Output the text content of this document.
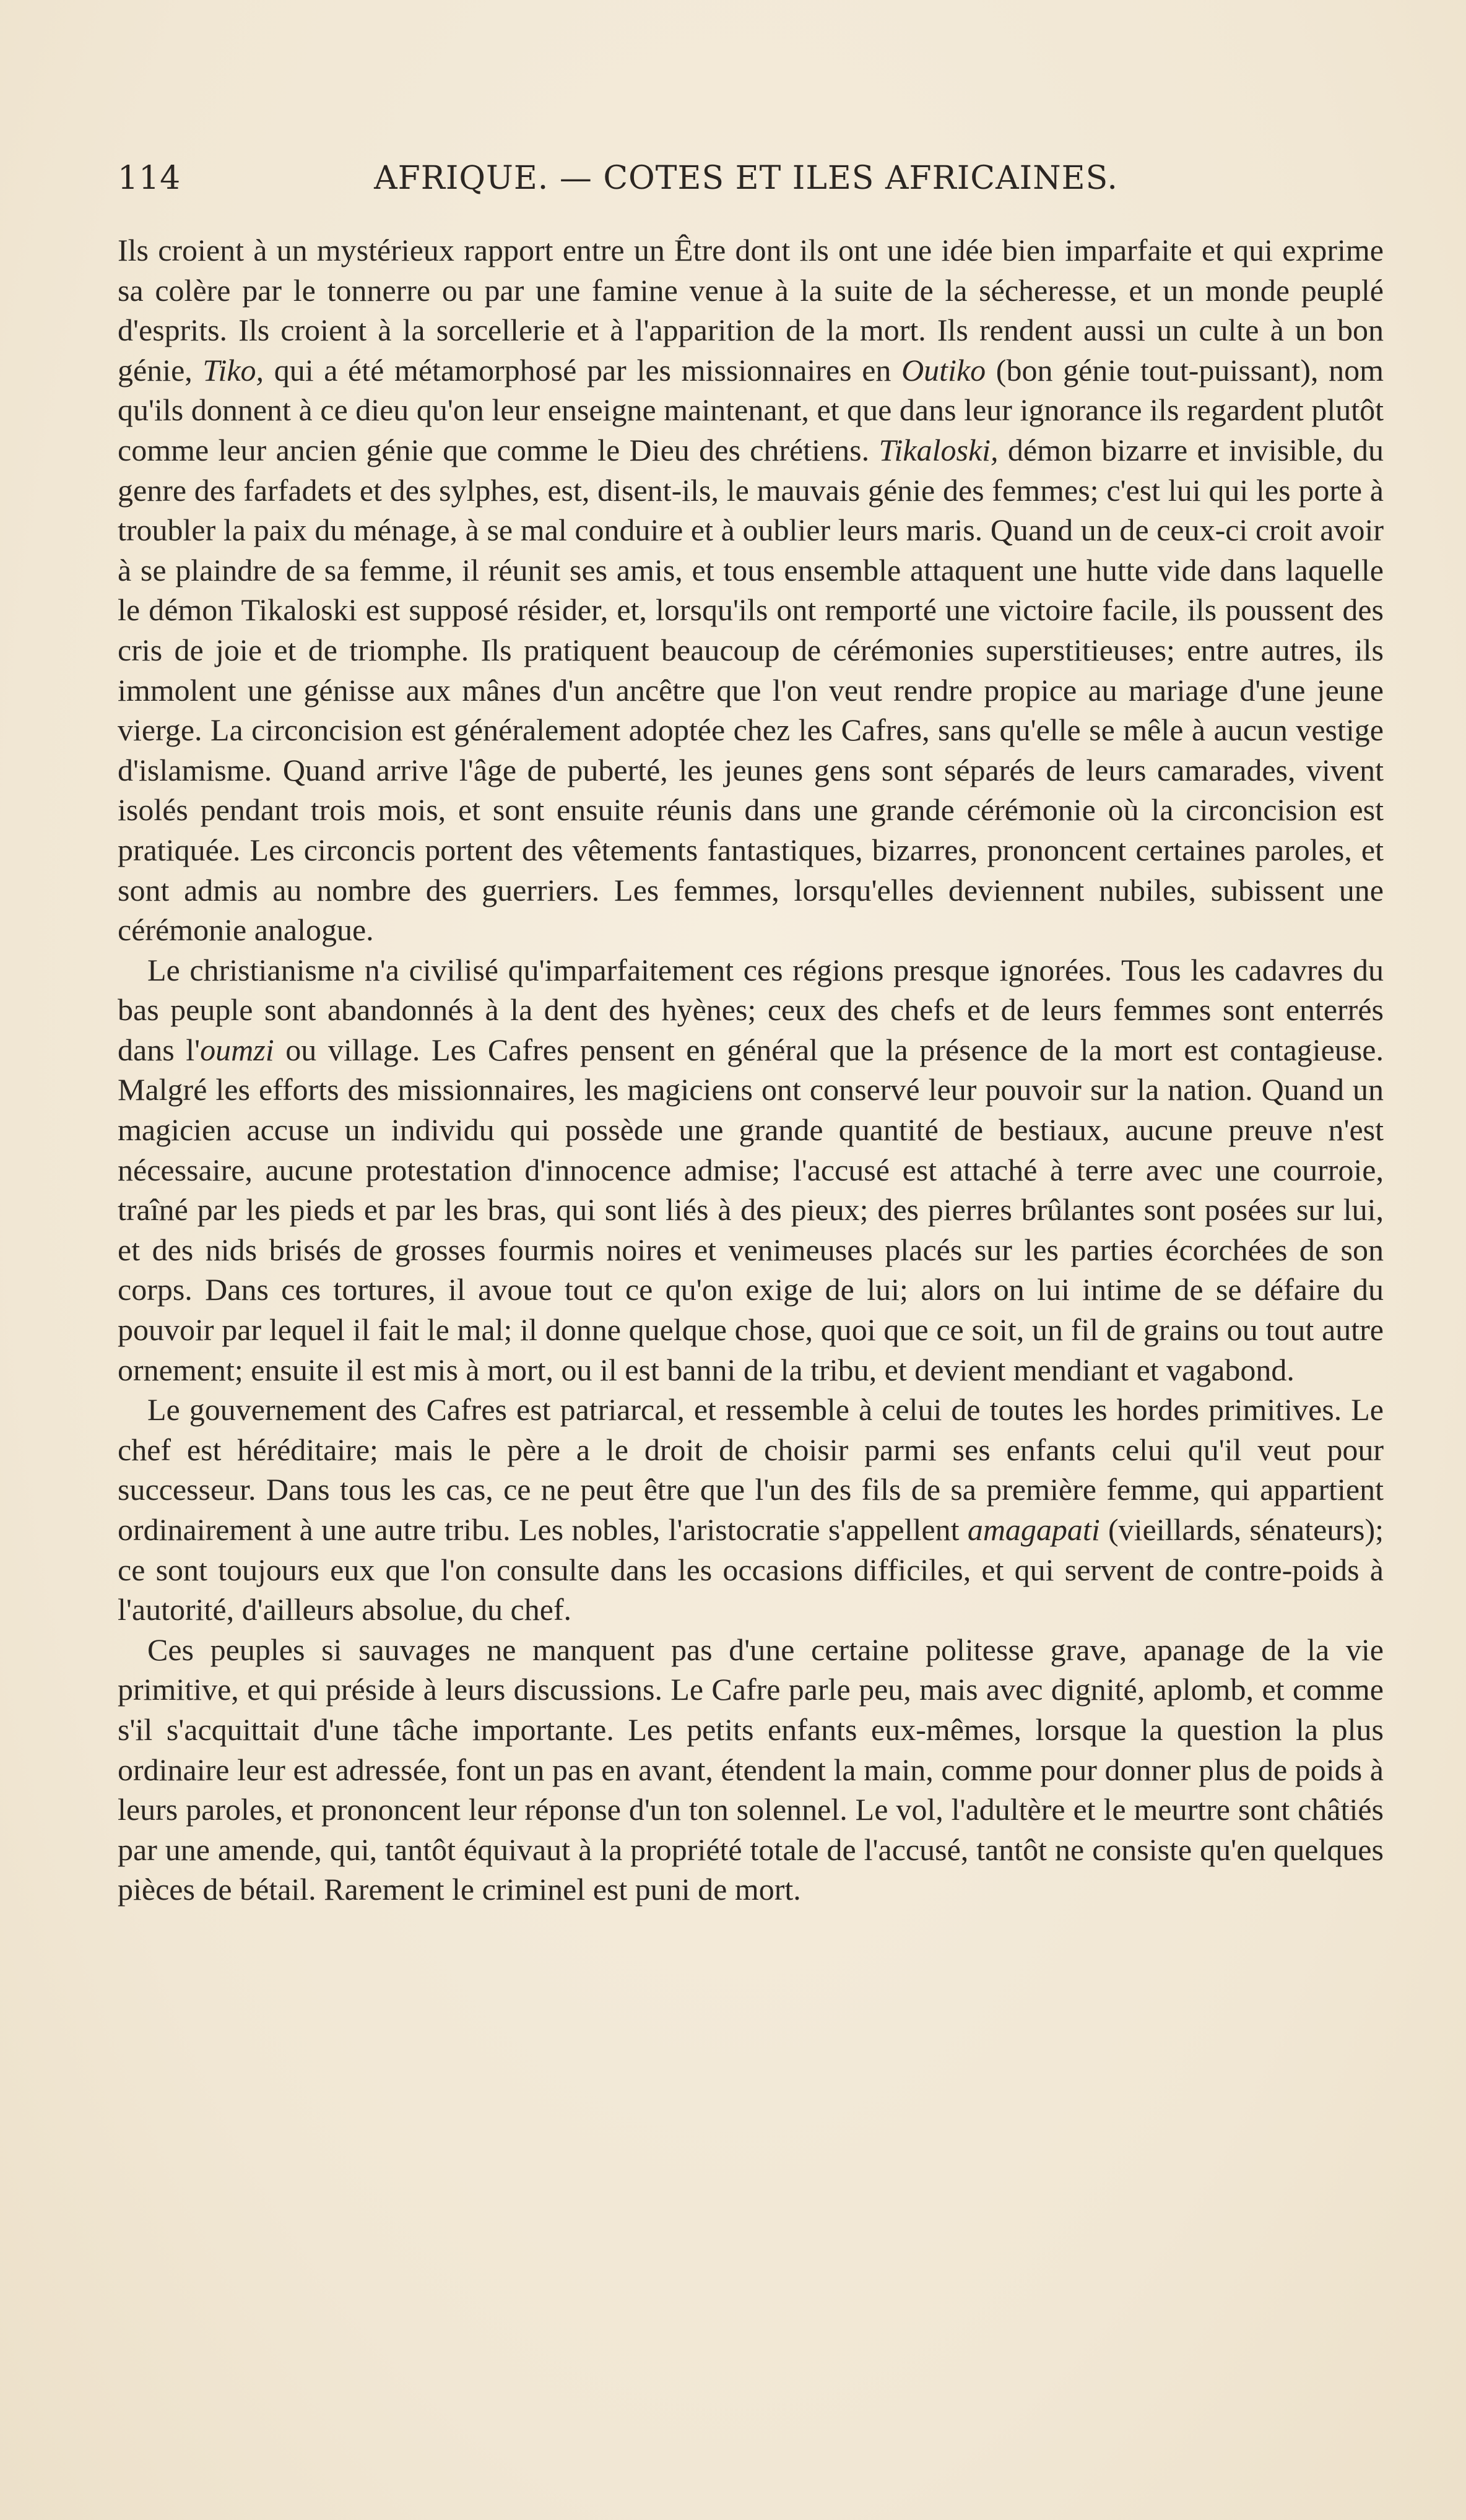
114	AFRIQUE. — COTES ET ILES AFRICAINES.

Ils croient à un mystérieux rapport entre un Être dont ils ont une idée bien imparfaite et qui exprime sa colère par le tonnerre ou par une famine venue à la suite de la sécheresse, et un monde peuplé d'esprits. Ils croient à la sorcellerie et à l'apparition de la mort. Ils rendent aussi un culte à un bon génie, Tiko, qui a été métamorphosé par les missionnaires en Outiko (bon génie tout-puissant), nom qu'ils donnent à ce dieu qu'on leur enseigne maintenant, et que dans leur ignorance ils regardent plutôt comme leur ancien génie que comme le Dieu des chrétiens. Tikaloski, démon bizarre et invisible, du genre des farfadets et des sylphes, est, disent-ils, le mauvais génie des femmes; c'est lui qui les porte à troubler la paix du ménage, à se mal conduire et à oublier leurs maris. Quand un de ceux-ci croit avoir à se plaindre de sa femme, il réunit ses amis, et tous ensemble attaquent une hutte vide dans laquelle le démon Tikaloski est supposé résider, et, lorsqu'ils ont remporté une victoire facile, ils poussent des cris de joie et de triomphe. Ils pratiquent beaucoup de cérémonies superstitieuses; entre autres, ils immolent une génisse aux mânes d'un ancêtre que l'on veut rendre propice au mariage d'une jeune vierge. La circoncision est généralement adoptée chez les Cafres, sans qu'elle se mêle à aucun vestige d'islamisme. Quand arrive l'âge de puberté, les jeunes gens sont séparés de leurs camarades, vivent isolés pendant trois mois, et sont ensuite réunis dans une grande cérémonie où la circoncision est pratiquée. Les circoncis portent des vêtements fantastiques, bizarres, prononcent certaines paroles, et sont admis au nombre des guerriers. Les femmes, lorsqu'elles deviennent nubiles, subissent une cérémonie analogue.

Le christianisme n'a civilisé qu'imparfaitement ces régions presque ignorées. Tous les cadavres du bas peuple sont abandonnés à la dent des hyènes; ceux des chefs et de leurs femmes sont enterrés dans l'oumzi ou village. Les Cafres pensent en général que la présence de la mort est contagieuse. Malgré les efforts des missionnaires, les magiciens ont conservé leur pouvoir sur la nation. Quand un magicien accuse un individu qui possède une grande quantité de bestiaux, aucune preuve n'est nécessaire, aucune protestation d'innocence admise; l'accusé est attaché à terre avec une courroie, traîné par les pieds et par les bras, qui sont liés à des pieux; des pierres brûlantes sont posées sur lui, et des nids brisés de grosses fourmis noires et venimeuses placés sur les parties écorchées de son corps. Dans ces tortures, il avoue tout ce qu'on exige de lui; alors on lui intime de se défaire du pouvoir par lequel il fait le mal; il donne quelque chose, quoi que ce soit, un fil de grains ou tout autre ornement; ensuite il est mis à mort, ou il est banni de la tribu, et devient mendiant et vagabond.

Le gouvernement des Cafres est patriarcal, et ressemble à celui de toutes les hordes primitives. Le chef est héréditaire; mais le père a le droit de choisir parmi ses enfants celui qu'il veut pour successeur. Dans tous les cas, ce ne peut être que l'un des fils de sa première femme, qui appartient ordinairement à une autre tribu. Les nobles, l'aristocratie s'appellent amagapati (vieillards, sénateurs); ce sont toujours eux que l'on consulte dans les occasions difficiles, et qui servent de contre-poids à l'autorité, d'ailleurs absolue, du chef.

Ces peuples si sauvages ne manquent pas d'une certaine politesse grave, apanage de la vie primitive, et qui préside à leurs discussions. Le Cafre parle peu, mais avec dignité, aplomb, et comme s'il s'acquittait d'une tâche importante. Les petits enfants eux-mêmes, lorsque la question la plus ordinaire leur est adressée, font un pas en avant, étendent la main, comme pour donner plus de poids à leurs paroles, et prononcent leur réponse d'un ton solennel. Le vol, l'adultère et le meurtre sont châtiés par une amende, qui, tantôt équivaut à la propriété totale de l'accusé, tantôt ne consiste qu'en quelques pièces de bétail. Rarement le criminel est puni de mort.
